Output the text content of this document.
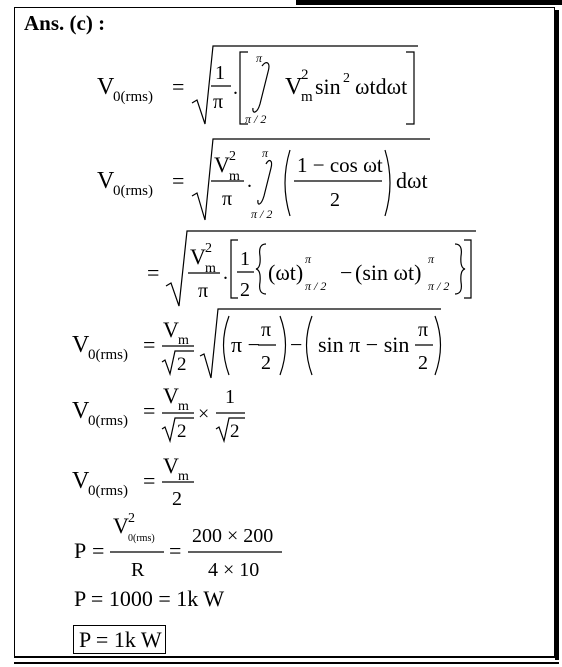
Ans. (c) :
V
0(rms) =
1
π
.
π
π / 2
V
2
m sin 2 ωtdωt
V
0(rms) =
V 2
m
π
.
π
π / 2
1 − cos ωt
2
dωt
=
V 2
m
π
.
1
2
(ωt)
π
π / 2
− (sin ωt)
π
π / 2
V
0(rms) =
V m
2
π −
π
2
− sin π − sin
π
2
V
0(rms) =
V m
2
×
1
2
V
0(rms) =
V m
2
P =
V 2
0(rms)
R
=
200 × 200
4 × 10
P = 1000 = 1k W
P = 1k W
